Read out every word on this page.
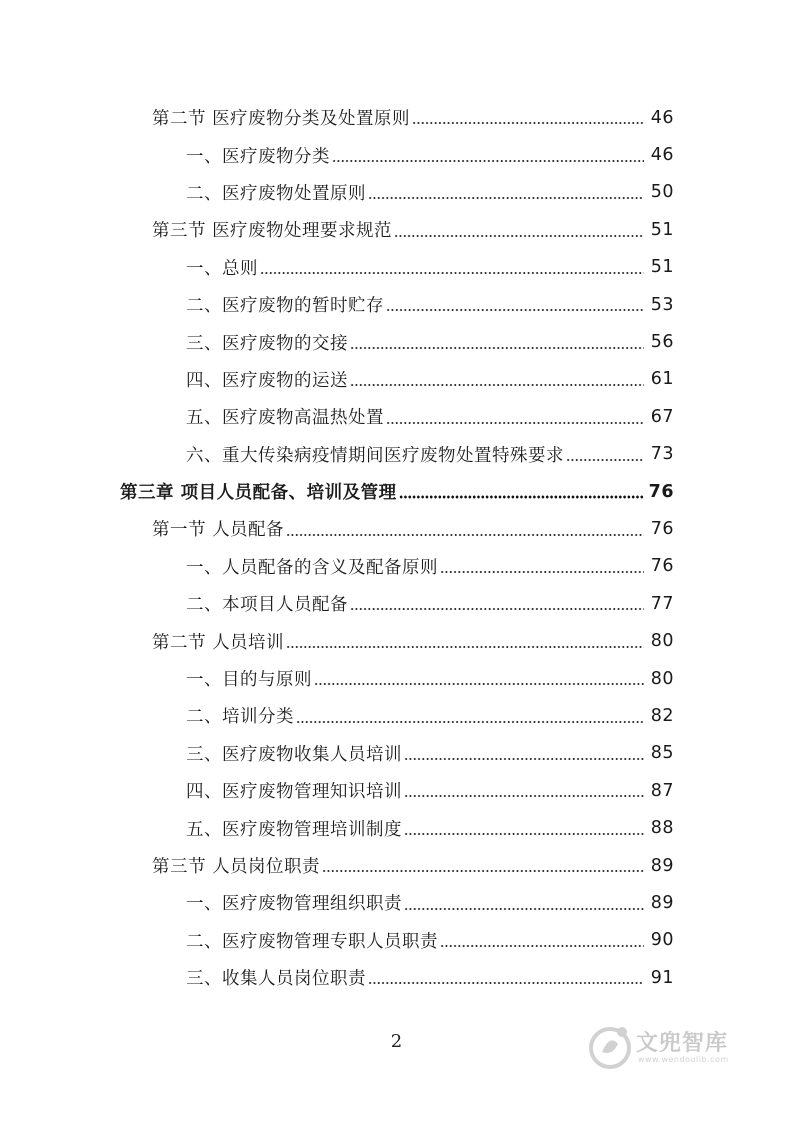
第二节 医疗废物分类及处置原则	46
一、医疗废物分类	46
二、医疗废物处置原则	50
第三节 医疗废物处理要求规范	51
一、总则	51
二、医疗废物的暂时贮存	53
三、医疗废物的交接	56
四、医疗废物的运送	61
五、医疗废物高温热处置	67
六、重大传染病疫情期间医疗废物处置特殊要求	73
第三章 项目人员配备、培训及管理	76
第一节 人员配备	76
一、人员配备的含义及配备原则	76
二、本项目人员配备	77
第二节 人员培训	80
一、目的与原则	80
二、培训分类	82
三、医疗废物收集人员培训	85
四、医疗废物管理知识培训	87
五、医疗废物管理培训制度	88
第三节 人员岗位职责	89
一、医疗废物管理组织职责	89
二、医疗废物管理专职人员职责	90
三、收集人员岗位职责	91
2	文兜智库
www.wendoulib.com
